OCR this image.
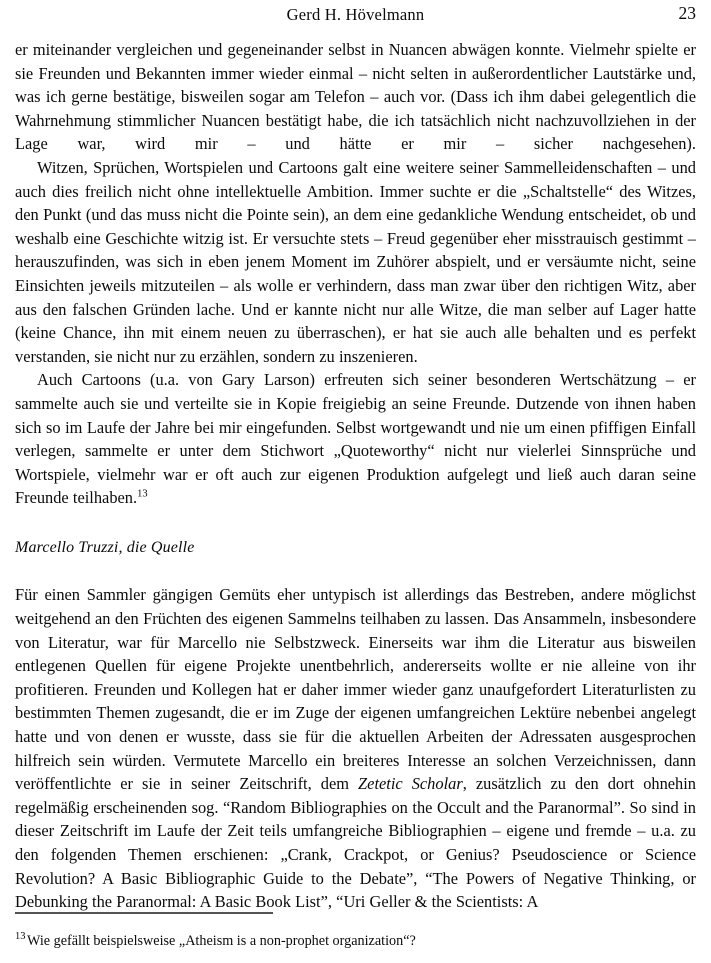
Gerd H. Hövelmann	23

er miteinander vergleichen und gegeneinander selbst in Nuancen abwägen konnte. Vielmehr spielte er sie Freunden und Bekannten immer wieder einmal – nicht selten in außerordentlicher Lautstärke und, was ich gerne bestätige, bisweilen sogar am Telefon – auch vor. (Dass ich ihm dabei gelegentlich die Wahrnehmung stimmlicher Nuancen bestätigt habe, die ich tatsächlich nicht nachzuvollziehen in der Lage war, wird mir – und hätte er mir – sicher nachgesehen).

Witzen, Sprüchen, Wortspielen und Cartoons galt eine weitere seiner Sammelleidenschaften – und auch dies freilich nicht ohne intellektuelle Ambition. Immer suchte er die „Schaltstelle“ des Witzes, den Punkt (und das muss nicht die Pointe sein), an dem eine gedankliche Wendung entscheidet, ob und weshalb eine Geschichte witzig ist. Er versuchte stets – Freud gegenüber eher misstrauisch gestimmt – herauszufinden, was sich in eben jenem Moment im Zuhörer abspielt, und er versäumte nicht, seine Einsichten jeweils mitzuteilen – als wolle er verhindern, dass man zwar über den richtigen Witz, aber aus den falschen Gründen lache. Und er kannte nicht nur alle Witze, die man selber auf Lager hatte (keine Chance, ihn mit einem neuen zu überraschen), er hat sie auch alle behalten und es perfekt verstanden, sie nicht nur zu erzählen, sondern zu inszenieren.

Auch Cartoons (u.a. von Gary Larson) erfreuten sich seiner besonderen Wertschätzung – er sammelte auch sie und verteilte sie in Kopie freigiebig an seine Freunde. Dutzende von ihnen haben sich so im Laufe der Jahre bei mir eingefunden. Selbst wortgewandt und nie um einen pfiffigen Einfall verlegen, sammelte er unter dem Stichwort „Quoteworthy“ nicht nur vielerlei Sinnsprüche und Wortspiele, vielmehr war er oft auch zur eigenen Produktion aufgelegt und ließ auch daran seine Freunde teilhaben.$^{13}$

Marcello Truzzi, die Quelle

Für einen Sammler gängigen Gemüts eher untypisch ist allerdings das Bestreben, andere möglichst weitgehend an den Früchten des eigenen Sammelns teilhaben zu lassen. Das Ansammeln, insbesondere von Literatur, war für Marcello nie Selbstzweck. Einerseits war ihm die Literatur aus bisweilen entlegenen Quellen für eigene Projekte unentbehrlich, andererseits wollte er nie alleine von ihr profitieren. Freunden und Kollegen hat er daher immer wieder ganz unaufgefordert Literaturlisten zu bestimmten Themen zugesandt, die er im Zuge der eigenen umfangreichen Lektüre nebenbei angelegt hatte und von denen er wusste, dass sie für die aktuellen Arbeiten der Adressaten ausgesprochen hilfreich sein würden. Vermutete Marcello ein breiteres Interesse an solchen Verzeichnissen, dann veröffentlichte er sie in seiner Zeitschrift, dem Zetetic Scholar, zusätzlich zu den dort ohnehin regelmäßig erscheinenden sog. “Random Bibliographies on the Occult and the Paranormal”. So sind in dieser Zeitschrift im Laufe der Zeit teils umfangreiche Bibliographien – eigene und fremde – u.a. zu den folgenden Themen erschienen: „Crank, Crackpot, or Genius? Pseudoscience or Science Revolution? A Basic Bibliographic Guide to the Debate”, “The Powers of Negative Thinking, or Debunking the Paranormal: A Basic Book List”, “Uri Geller & the Scientists: A

$^{13}$ Wie gefällt beispielsweise „Atheism is a non-prophet organization“?
